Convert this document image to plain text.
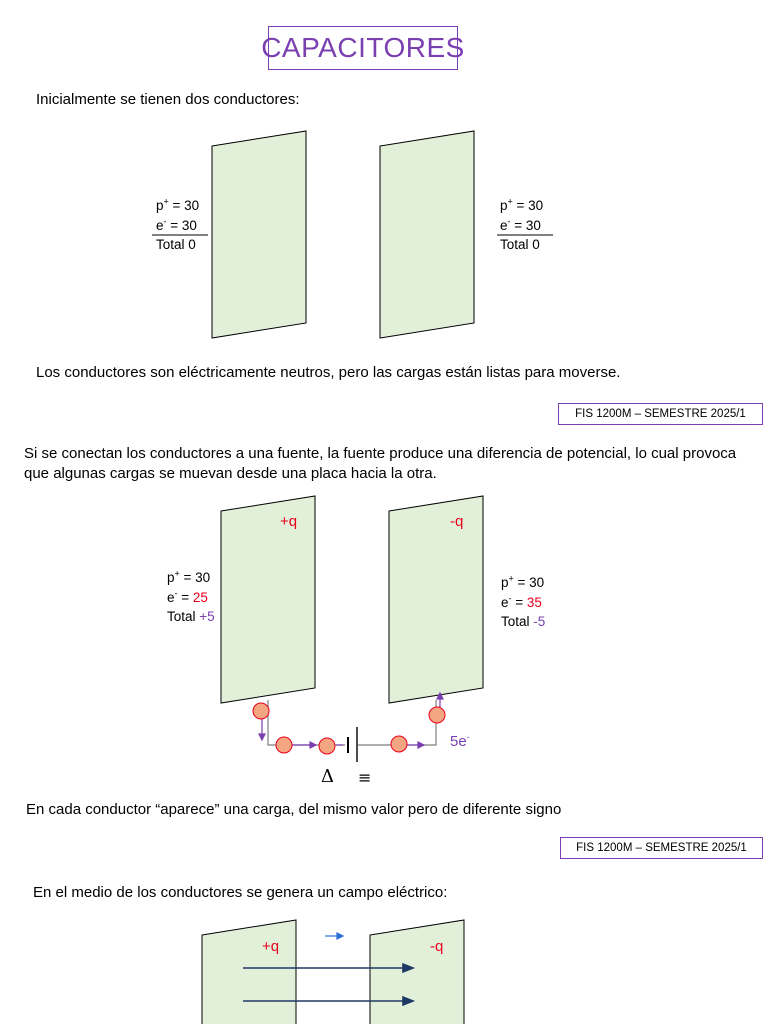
CAPACITORES
Inicialmente se tienen dos conductores:
p+ = 30
e- = 30
Total 0
p+ = 30
e- = 30
Total 0
Los conductores son eléctricamente neutros, pero las cargas están listas para moverse.
FIS 1200M – SEMESTRE 2025/1
Si se conectan los conductores a una fuente, la fuente produce una diferencia de potencial, lo cual provoca que algunas cargas se muevan desde una placa hacia la otra.
+q	-q
p+ = 30
e- = 25
Total +5
p+ = 30
e- = 35
Total -5
5e-
Δ ≡
En cada conductor “aparece” una carga, del mismo valor pero de diferente signo
FIS 1200M – SEMESTRE 2025/1
En el medio de los conductores se genera un campo eléctrico:
+q	-q
